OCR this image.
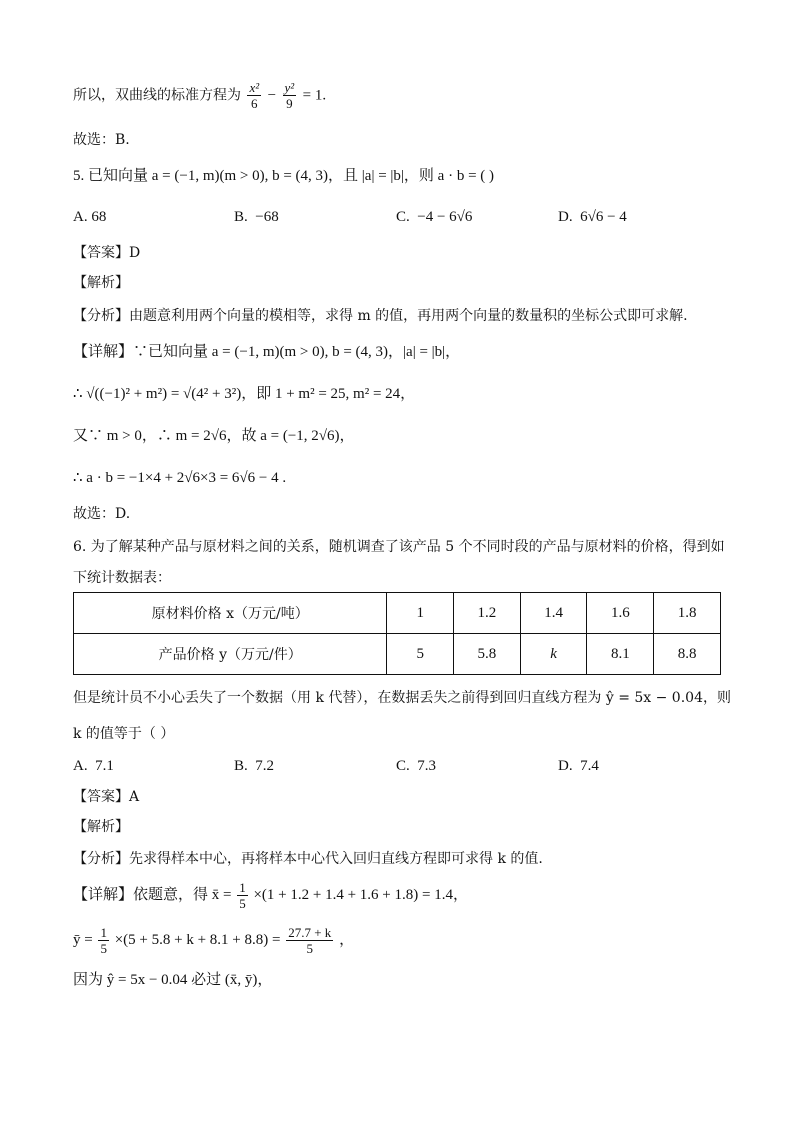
所以，双曲线的标准方程为 $\frac{\text{x²}}{6} - \frac{\text{y²}}{9} = 1$.
故选：B.
5. 已知向量 a = (−1, m)(m > 0), b = (4, 3)，且 |a| = |b|，则 a · b = ( )
A. 68	B. −68	C. −4 − 6√6	D. 6√6 − 4
【答案】D
【解析】
【分析】由题意利用两个向量的模相等，求得 m 的值，再用两个向量的数量积的坐标公式即可求解.
【详解】∵已知向量 a = (−1, m)(m > 0), b = (4, 3)，|a| = |b|，
∴ √((−1)² + m²) = √(4² + 3²)，即 1 + m² = 25, m² = 24，
又∵ m > 0，∴ m = 2√6，故 a = (−1, 2√6)，
∴ a · b = −1×4 + 2√6×3 = 6√6 − 4 .
故选：D.
6. 为了解某种产品与原材料之间的关系，随机调查了该产品 5 个不同时段的产品与原材料的价格，得到如
下统计数据表：
原材料价格 x（万元/吨）	1	1.2	1.4	1.6	1.8
产品价格 y（万元/件）	5	5.8	k	8.1	8.8
但是统计员不小心丢失了一个数据（用 k 代替），在数据丢失之前得到回归直线方程为 ŷ = 5x − 0.04，则
k 的值等于（ ）
A. 7.1	B. 7.2	C. 7.3	D. 7.4
【答案】A
【解析】
【分析】先求得样本中心，再将样本中心代入回归直线方程即可求得 k 的值.
【详解】依题意，得 x̄ = $\frac{1}{5} \times(1 + 1.2 + 1.4 + 1.6 + 1.8) = 1.4$，
ȳ = $\frac{1}{5} \times(5 + 5.8 + k + 8.1 + 8.8) = \frac{27.7 + k}{5}$ ，
因为 ŷ = 5x − 0.04 必过 (x̄, ȳ)，
